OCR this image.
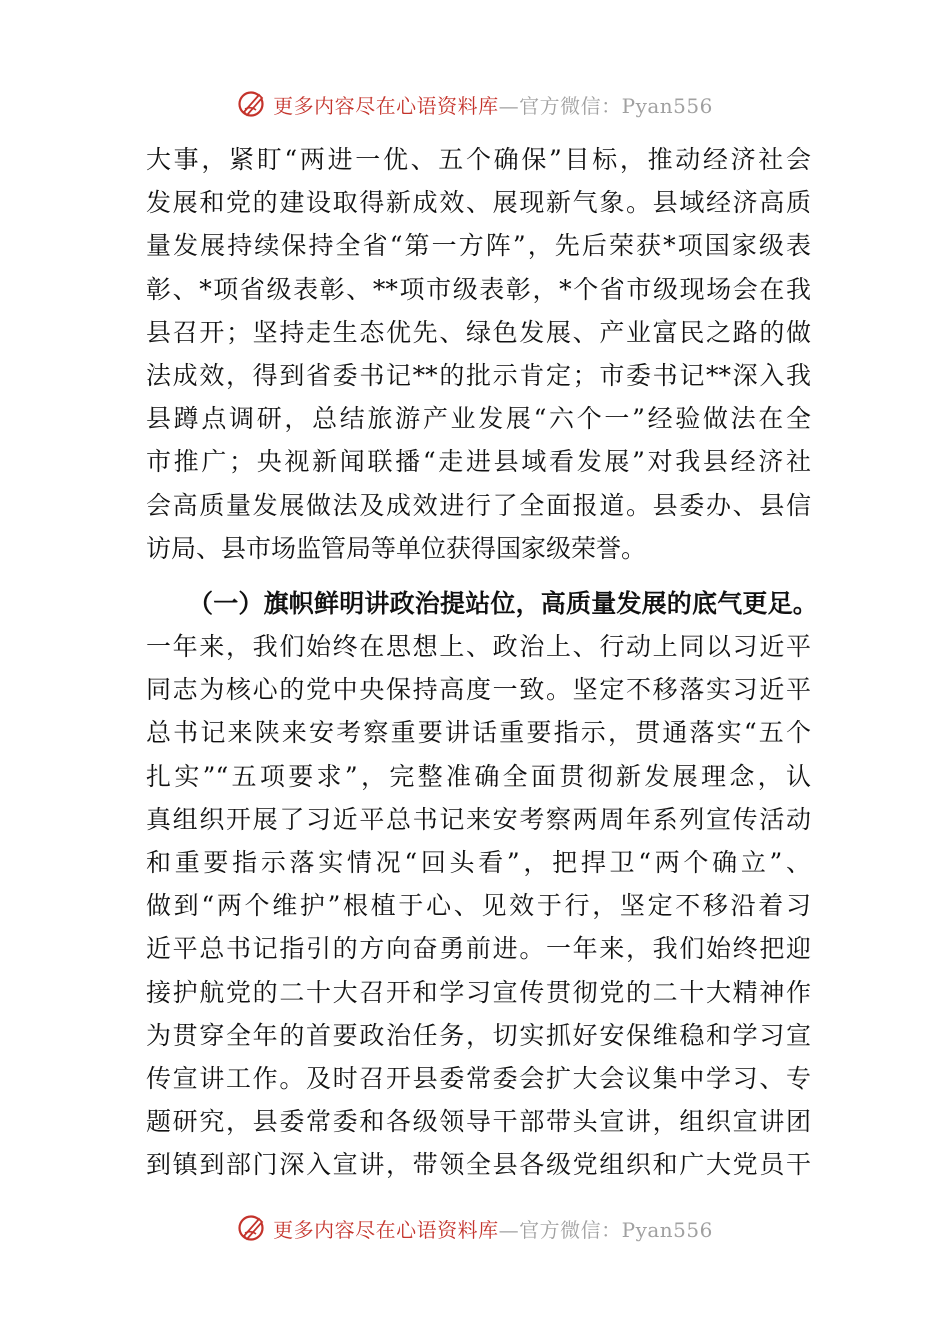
更多内容尽在心语资料库—官方微信：Pyan556
大事，紧盯“两进一优、五个确保”目标，推动经济社会
发展和党的建设取得新成效、展现新气象。县域经济高质
量发展持续保持全省“第一方阵”，先后荣获*项国家级表
彰、*项省级表彰、**项市级表彰，*个省市级现场会在我
县召开；坚持走生态优先、绿色发展、产业富民之路的做
法成效，得到省委书记**的批示肯定；市委书记**深入我
县蹲点调研，总结旅游产业发展“六个一”经验做法在全
市推广；央视新闻联播“走进县域看发展”对我县经济社
会高质量发展做法及成效进行了全面报道。县委办、县信
访局、县市场监管局等单位获得国家级荣誉。
（一）旗帜鲜明讲政治提站位，高质量发展的底气更足。
一年来，我们始终在思想上、政治上、行动上同以习近平
同志为核心的党中央保持高度一致。坚定不移落实习近平
总书记来陕来安考察重要讲话重要指示，贯通落实“五个
扎实”“五项要求”，完整准确全面贯彻新发展理念，认
真组织开展了习近平总书记来安考察两周年系列宣传活动
和重要指示落实情况“回头看”，把捍卫“两个确立”、
做到“两个维护”根植于心、见效于行，坚定不移沿着习
近平总书记指引的方向奋勇前进。一年来，我们始终把迎
接护航党的二十大召开和学习宣传贯彻党的二十大精神作
为贯穿全年的首要政治任务，切实抓好安保维稳和学习宣
传宣讲工作。及时召开县委常委会扩大会议集中学习、专
题研究，县委常委和各级领导干部带头宣讲，组织宣讲团
到镇到部门深入宣讲，带领全县各级党组织和广大党员干
更多内容尽在心语资料库—官方微信：Pyan556
